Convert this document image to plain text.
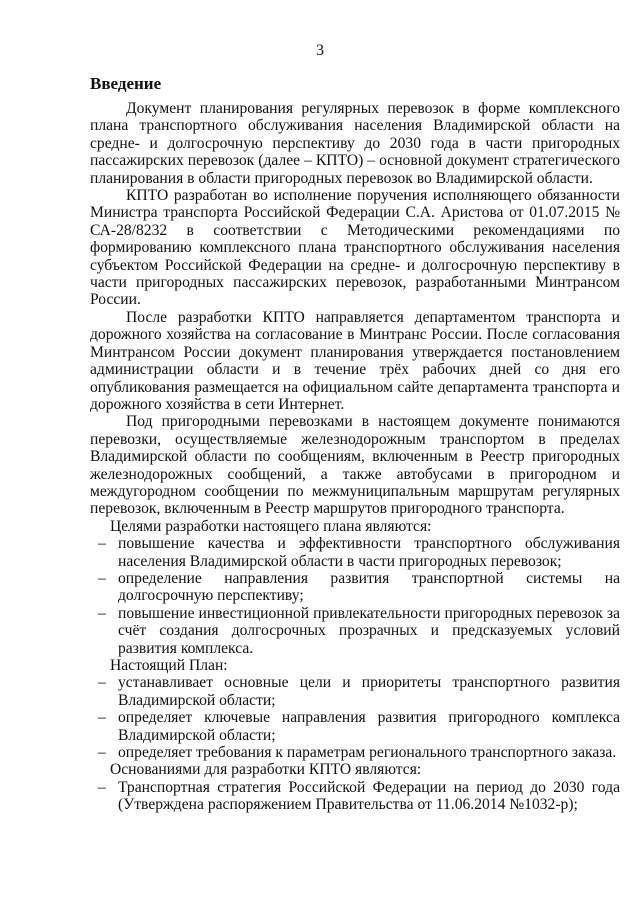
3
Введение

Документ планирования регулярных перевозок в форме комплексного плана транспортного обслуживания населения Владимирской области на средне- и долгосрочную перспективу до 2030 года в части пригородных пассажирских перевозок (далее – КПТО) – основной документ стратегического планирования в области пригородных перевозок во Владимирской области.

КПТО разработан во исполнение поручения исполняющего обязанности Министра транспорта Российской Федерации С.А. Аристова от 01.07.2015 № СА-28/8232 в соответствии с Методическими рекомендациями по формированию комплексного плана транспортного обслуживания населения субъектом Российской Федерации на средне- и долгосрочную перспективу в части пригородных пассажирских перевозок, разработанными Минтрансом России.

После разработки КПТО направляется департаментом транспорта и дорожного хозяйства на согласование в Минтранс России. После согласования Минтрансом России документ планирования утверждается постановлением администрации области и в течение трёх рабочих дней со дня его опубликования размещается на официальном сайте департамента транспорта и дорожного хозяйства в сети Интернет.

Под пригородными перевозками в настоящем документе понимаются перевозки, осуществляемые железнодорожным транспортом в пределах Владимирской области по сообщениям, включенным в Реестр пригородных железнодорожных сообщений, а также автобусами в пригородном и междугородном сообщении по межмуниципальным маршрутам регулярных перевозок, включенным в Реестр маршрутов пригородного транспорта.

Целями разработки настоящего плана являются:

– повышение качества и эффективности транспортного обслуживания населения Владимирской области в части пригородных перевозок;
– определение направления развития транспортной системы на долгосрочную перспективу;
– повышение инвестиционной привлекательности пригородных перевозок за счёт создания долгосрочных прозрачных и предсказуемых условий развития комплекса.

Настоящий План:

– устанавливает основные цели и приоритеты транспортного развития Владимирской области;
– определяет ключевые направления развития пригородного комплекса Владимирской области;
– определяет требования к параметрам регионального транспортного заказа.

Основаниями для разработки КПТО являются:

– Транспортная стратегия Российской Федерации на период до 2030 года (Утверждена распоряжением Правительства от 11.06.2014 №1032-р);
